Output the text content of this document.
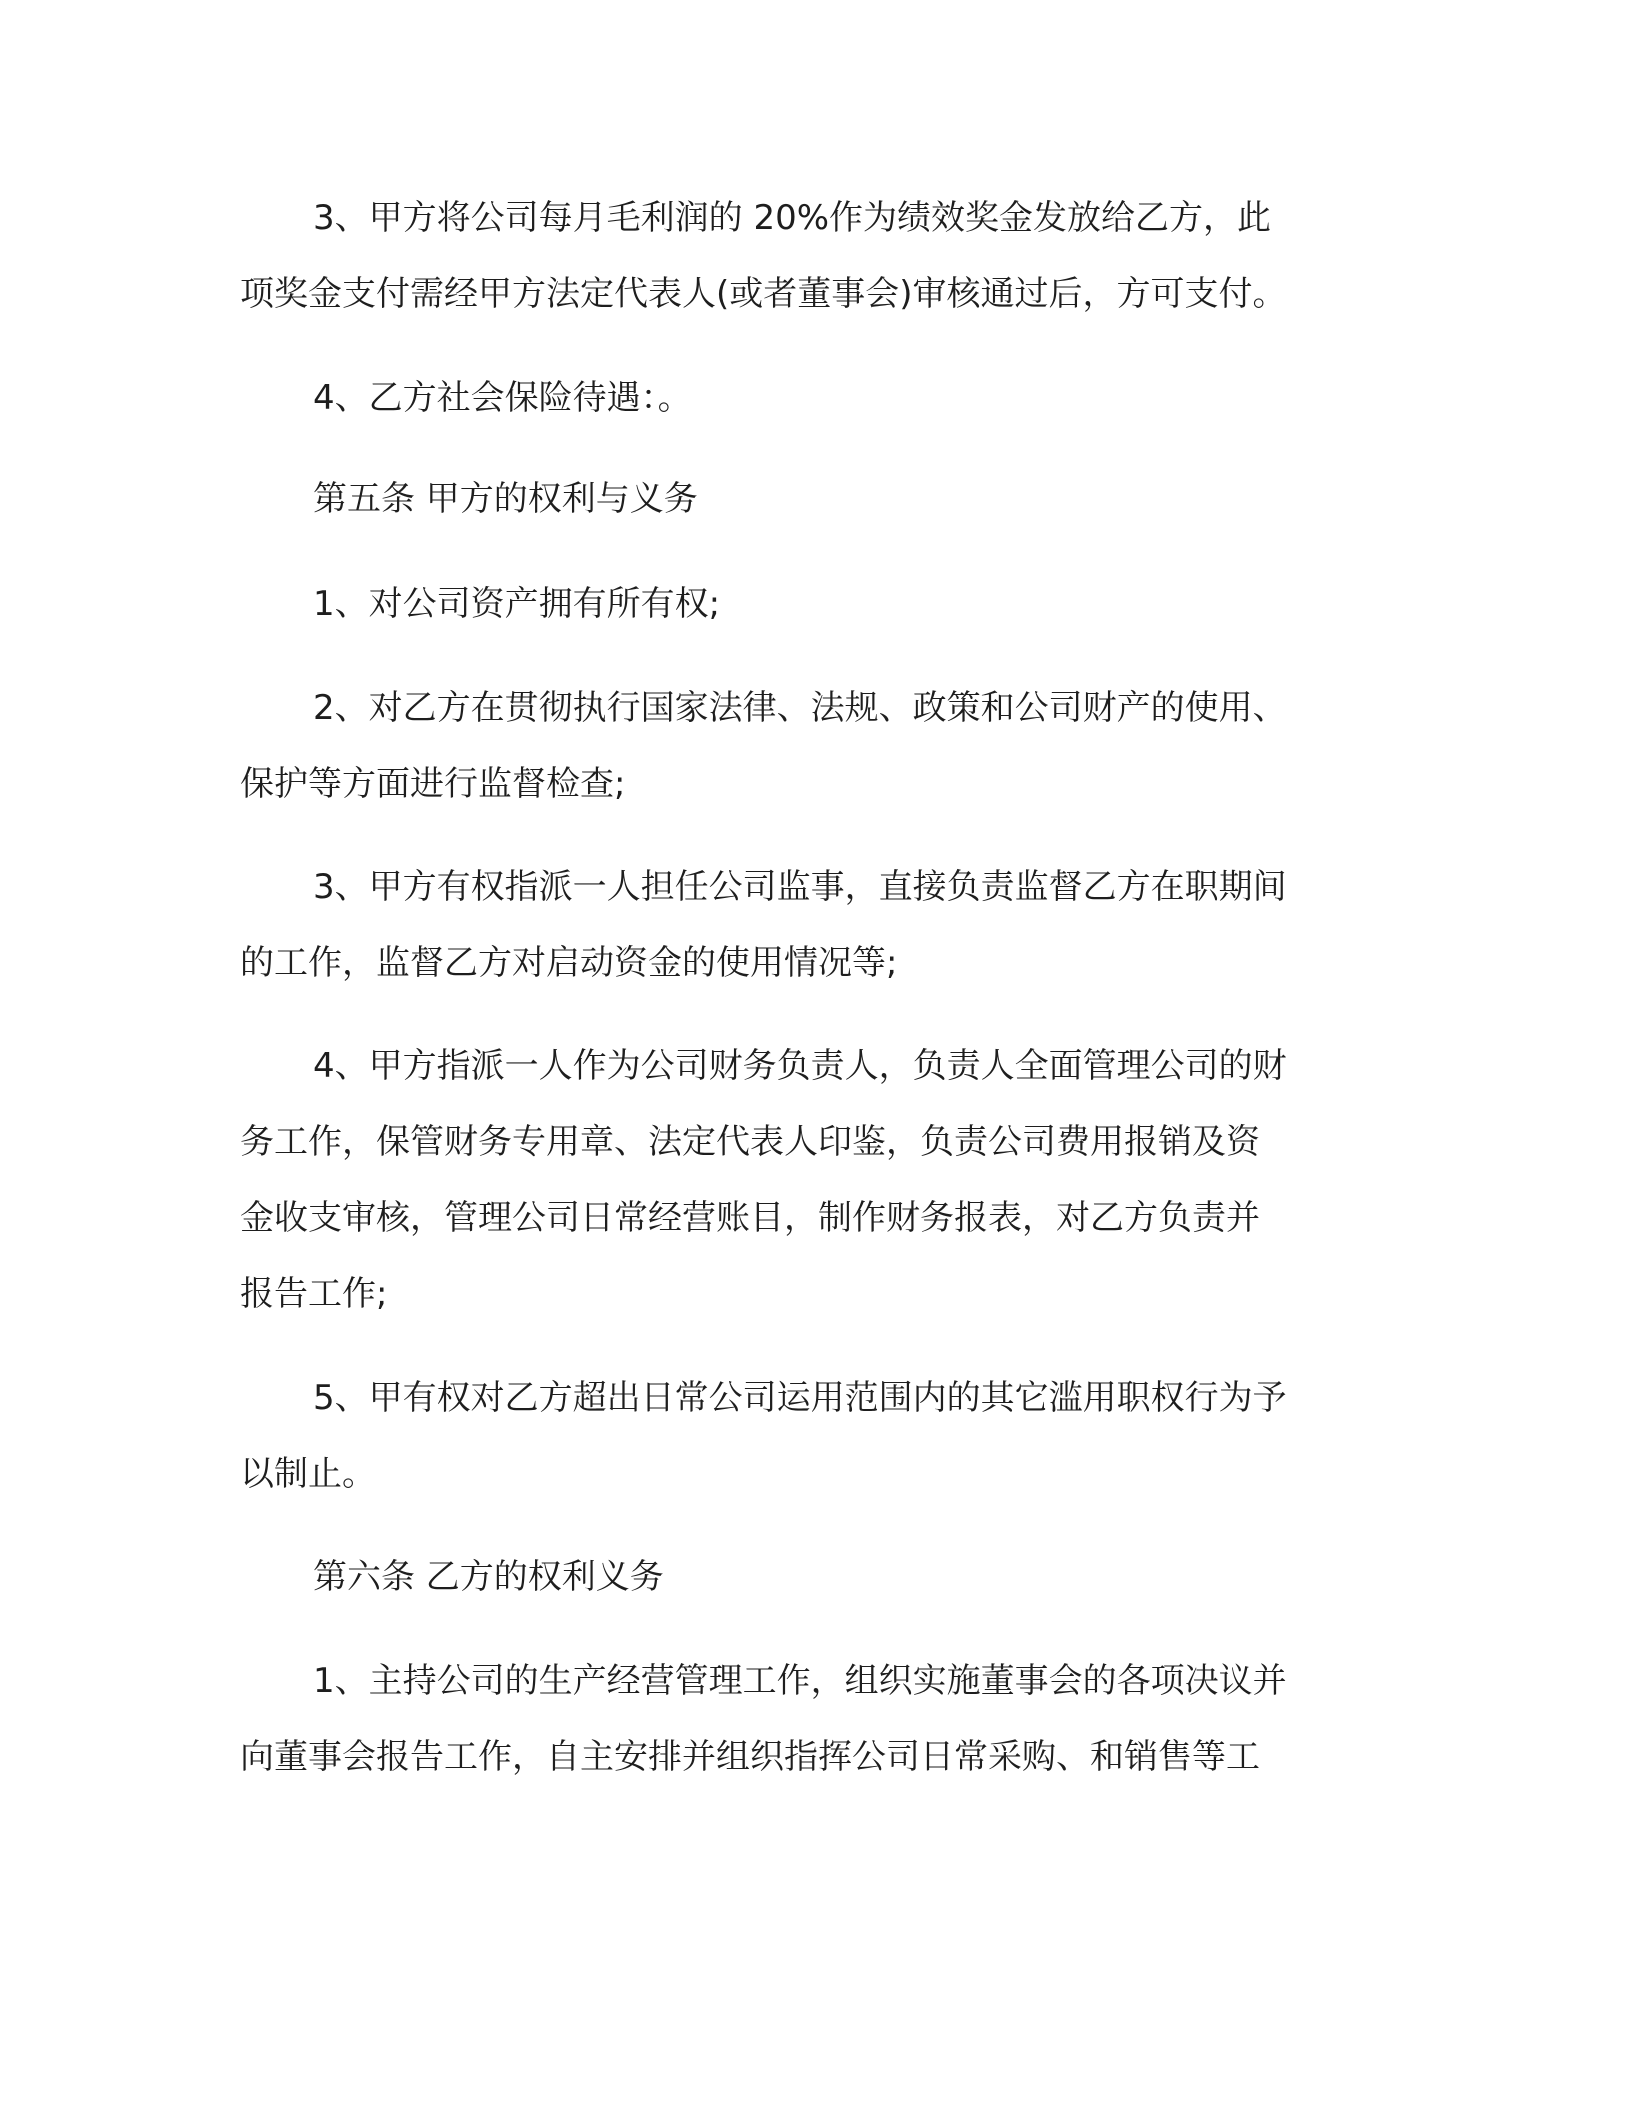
3、甲方将公司每月毛利润的 20%作为绩效奖金发放给乙方，此
项奖金支付需经甲方法定代表人(或者董事会)审核通过后，方可支付。
4、乙方社会保险待遇：。
第五条 甲方的权利与义务
1、对公司资产拥有所有权;
2、对乙方在贯彻执行国家法律、法规、政策和公司财产的使用、
保护等方面进行监督检查;
3、甲方有权指派一人担任公司监事，直接负责监督乙方在职期间
的工作，监督乙方对启动资金的使用情况等;
4、甲方指派一人作为公司财务负责人，负责人全面管理公司的财
务工作，保管财务专用章、法定代表人印鉴，负责公司费用报销及资
金收支审核，管理公司日常经营账目，制作财务报表，对乙方负责并
报告工作;
5、甲有权对乙方超出日常公司运用范围内的其它滥用职权行为予
以制止。
第六条 乙方的权利义务
1、主持公司的生产经营管理工作，组织实施董事会的各项决议并
向董事会报告工作，自主安排并组织指挥公司日常采购、和销售等工
